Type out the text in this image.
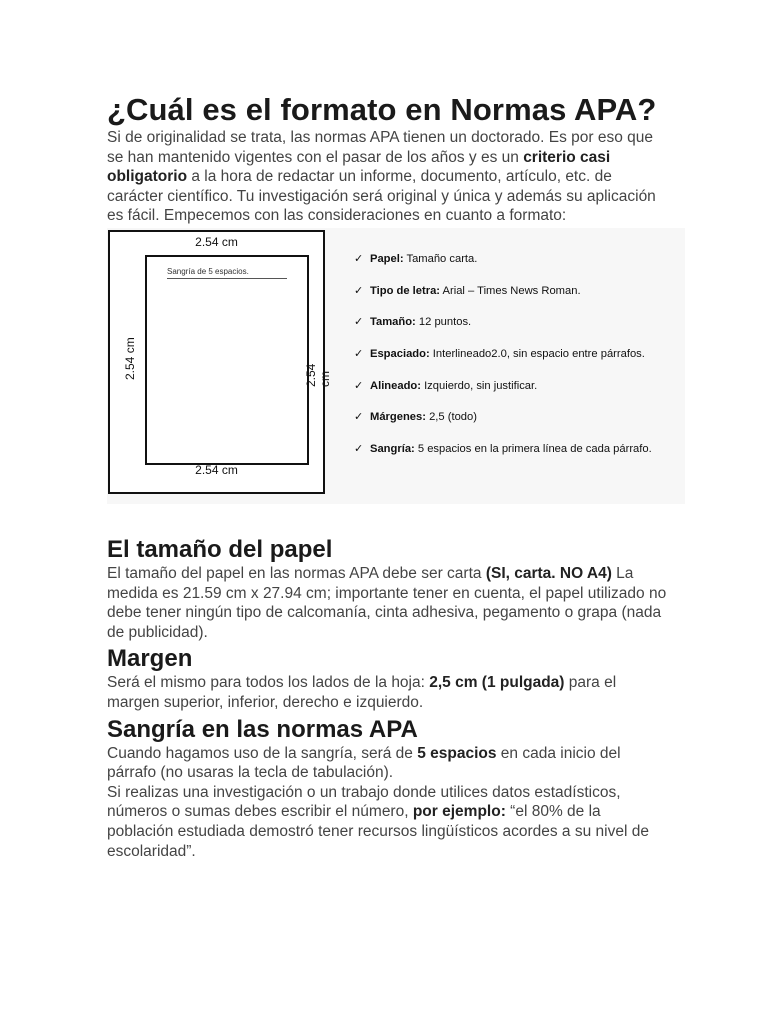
¿Cuál es el formato en Normas APA?

Si de originalidad se trata, las normas APA tienen un doctorado. Es por eso que se han mantenido vigentes con el pasar de los años y es un criterio casi obligatorio a la hora de redactar un informe, documento, artículo, etc. de carácter científico. Tu investigación será original y única y además su aplicación es fácil. Empecemos con las consideraciones en cuanto a formato:

2.54 cm
Sangría de 5 espacios.
2.54 cm	2.54 cm
2.54 cm
✓ Papel: Tamaño carta.
✓ Tipo de letra: Arial – Times News Roman.
✓ Tamaño: 12 puntos.
✓ Espaciado: Interlineado2.0, sin espacio entre párrafos.
✓ Alineado: Izquierdo, sin justificar.
✓ Márgenes: 2,5 (todo)
✓ Sangría: 5 espacios en la primera línea de cada párrafo.
El tamaño del papel

El tamaño del papel en las normas APA debe ser carta (SI, carta. NO A4) La medida es 21.59 cm x 27.94 cm; importante tener en cuenta, el papel utilizado no debe tener ningún tipo de calcomanía, cinta adhesiva, pegamento o grapa (nada de publicidad).

Margen

Será el mismo para todos los lados de la hoja: 2,5 cm (1 pulgada) para el margen superior, inferior, derecho e izquierdo.

Sangría en las normas APA

Cuando hagamos uso de la sangría, será de 5 espacios en cada inicio del párrafo (no usaras la tecla de tabulación).

Si realizas una investigación o un trabajo donde utilices datos estadísticos, números o sumas debes escribir el número, por ejemplo: “el 80% de la población estudiada demostró tener recursos lingüísticos acordes a su nivel de escolaridad”.
